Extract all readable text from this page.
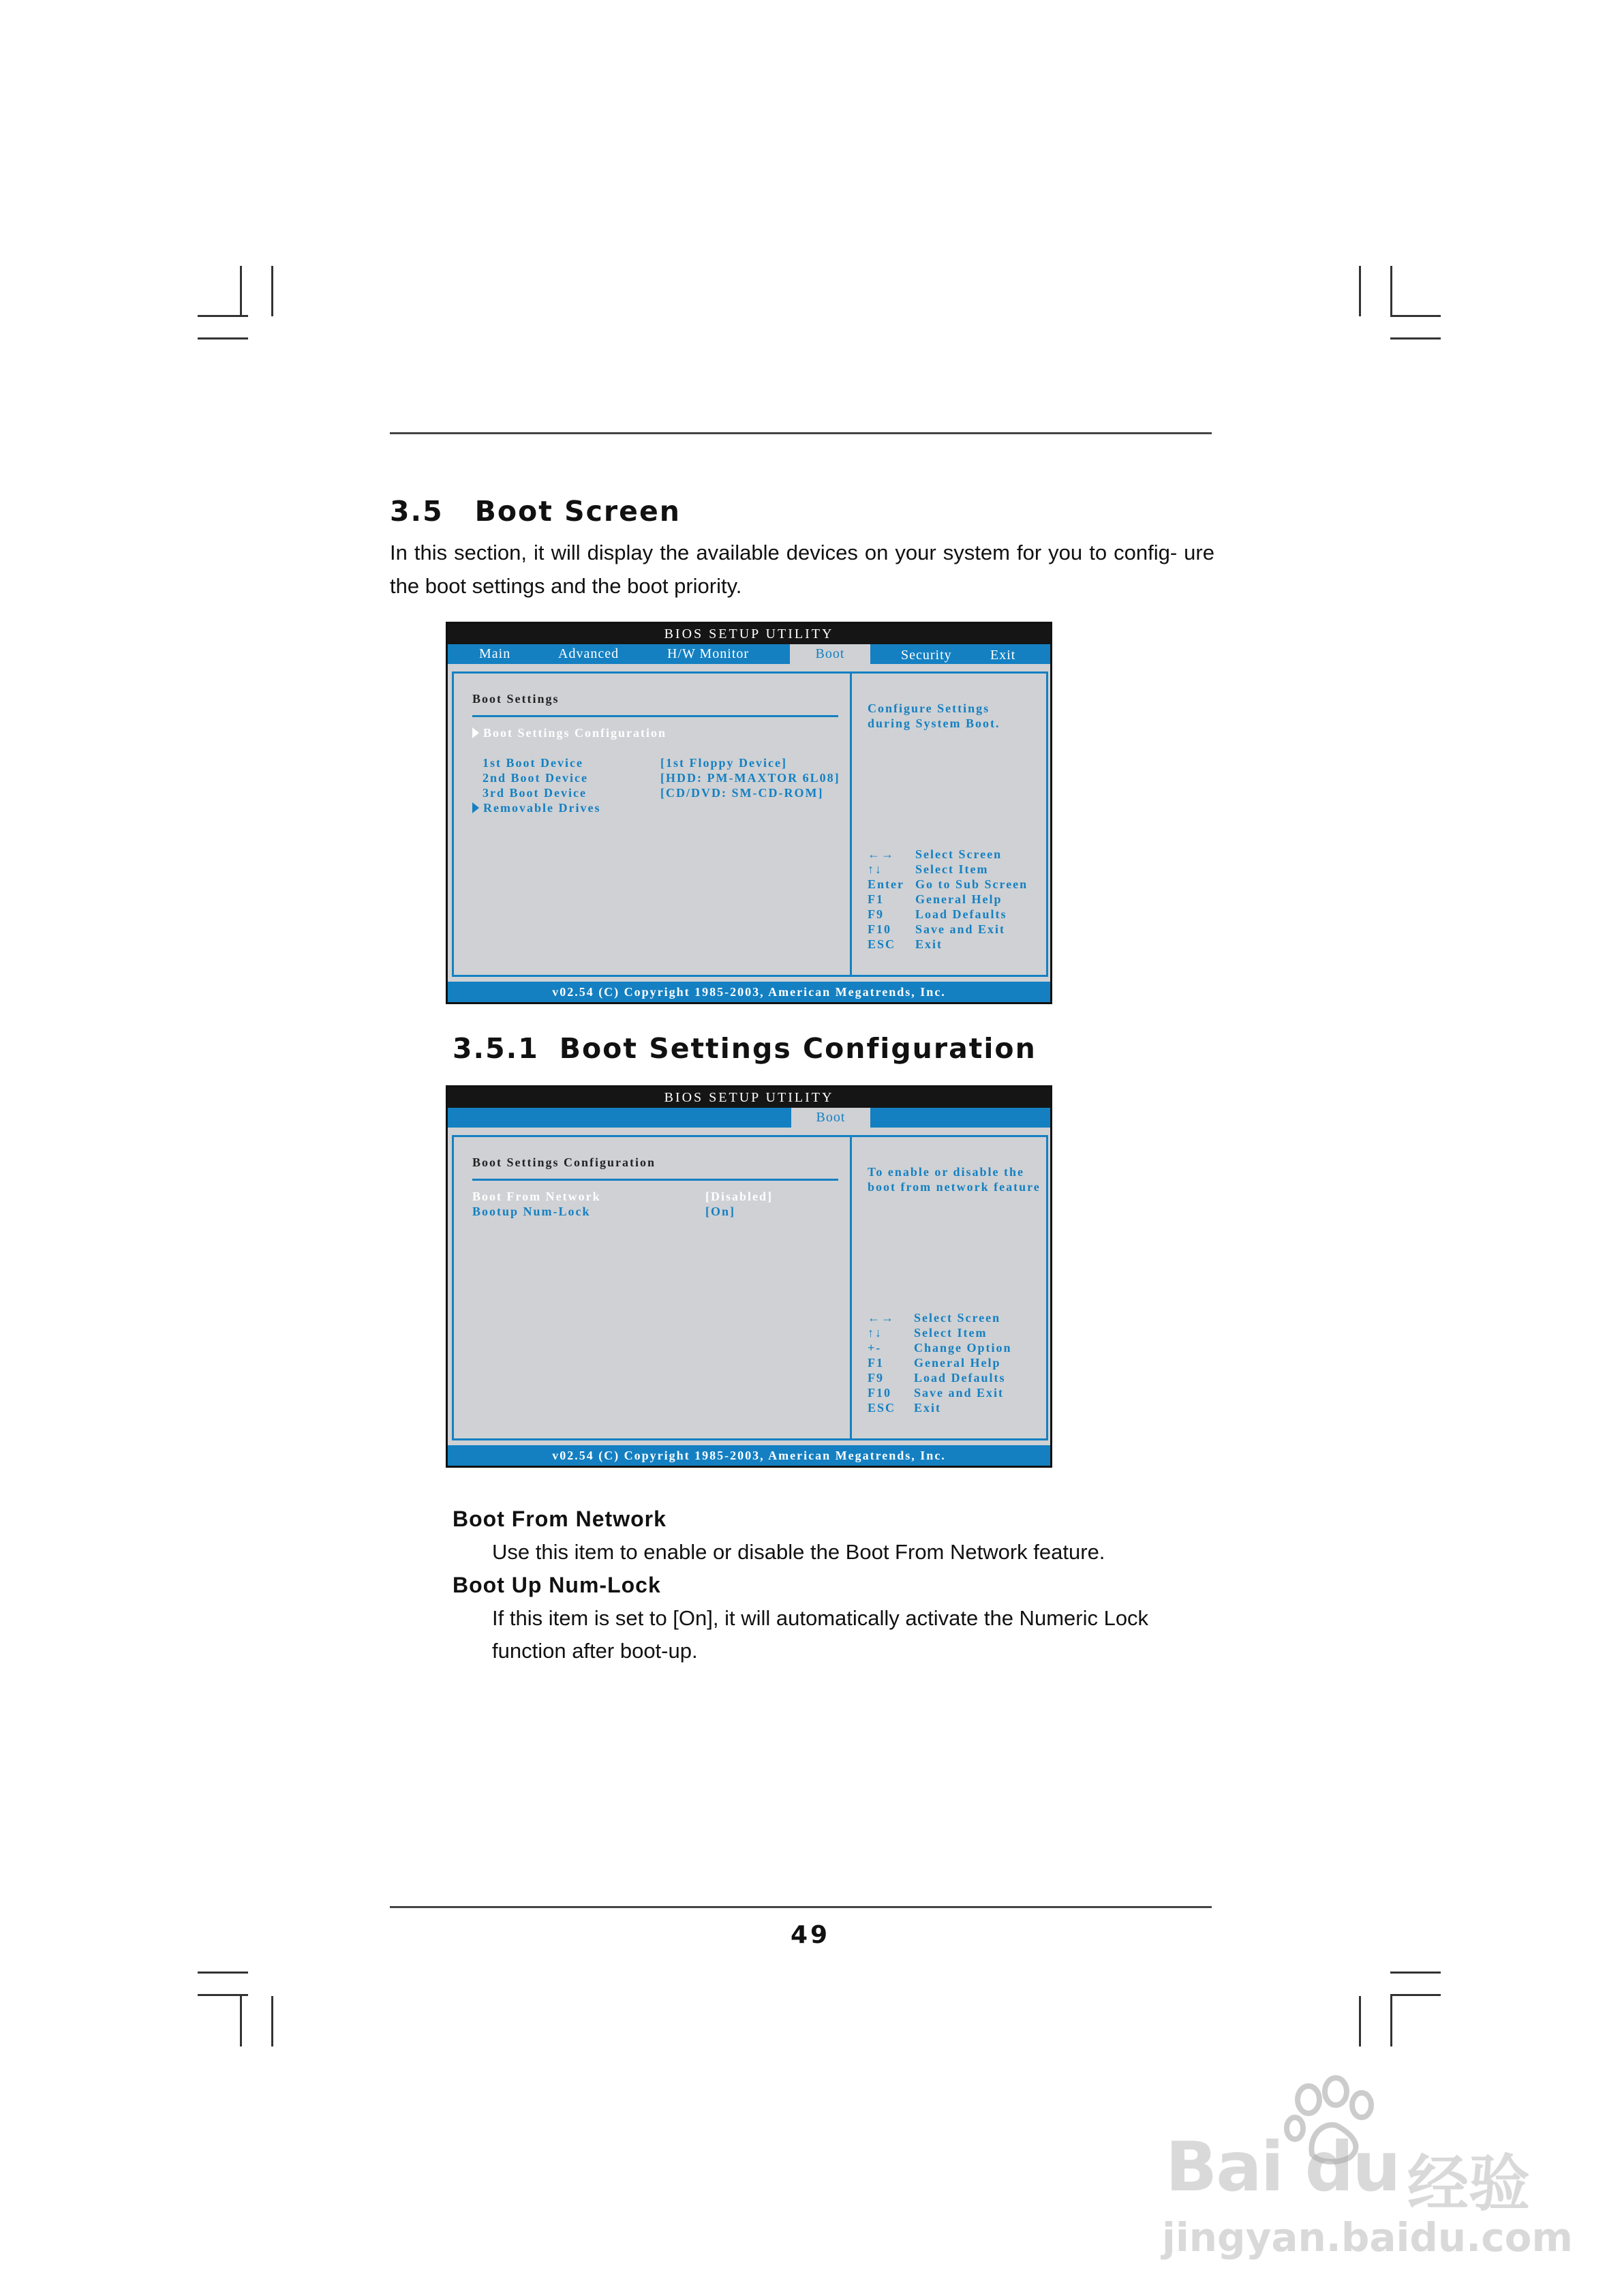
3.5 Boot Screen
In this section, it will display the available devices on your system for you to config- ure the boot settings and the boot priority.
BIOS SETUP UTILITY
Main	Advanced	H/W Monitor	Boot	Security	Exit
Boot Settings
Boot Settings Configuration
1st Boot Device	[1st Floppy Device]
2nd Boot Device	[HDD: PM-MAXTOR 6L08]
3rd Boot Device	[CD/DVD: SM-CD-ROM]
Removable Drives
Configure Settings
during System Boot.
←→ Select Screen
↑↓	Select Item
Enter Go to Sub Screen
F1	General Help
F9	Load Defaults
F10 Save and Exit
ESC Exit
v02.54 (C) Copyright 1985-2003, American Megatrends, Inc.
3.5.1 Boot Settings Configuration
BIOS SETUP UTILITY
Boot
Boot Settings Configuration
Boot From Network	[Disabled]
Bootup Num-Lock	[On]
To enable or disable the
boot from network feature
←→ Select Screen
↑↓	Select Item
+-	Change Option
F1 General Help
F9 Load Defaults
F10 Save and Exit
ESC Exit
v02.54 (C) Copyright 1985-2003, American Megatrends, Inc.
Boot From Network
Use this item to enable or disable the Boot From Network feature.
Boot Up Num-Lock
If this item is set to [On], it will automatically activate the Numeric Lock function after boot-up.
49
Bai du 经验
jingyan.baidu.com
